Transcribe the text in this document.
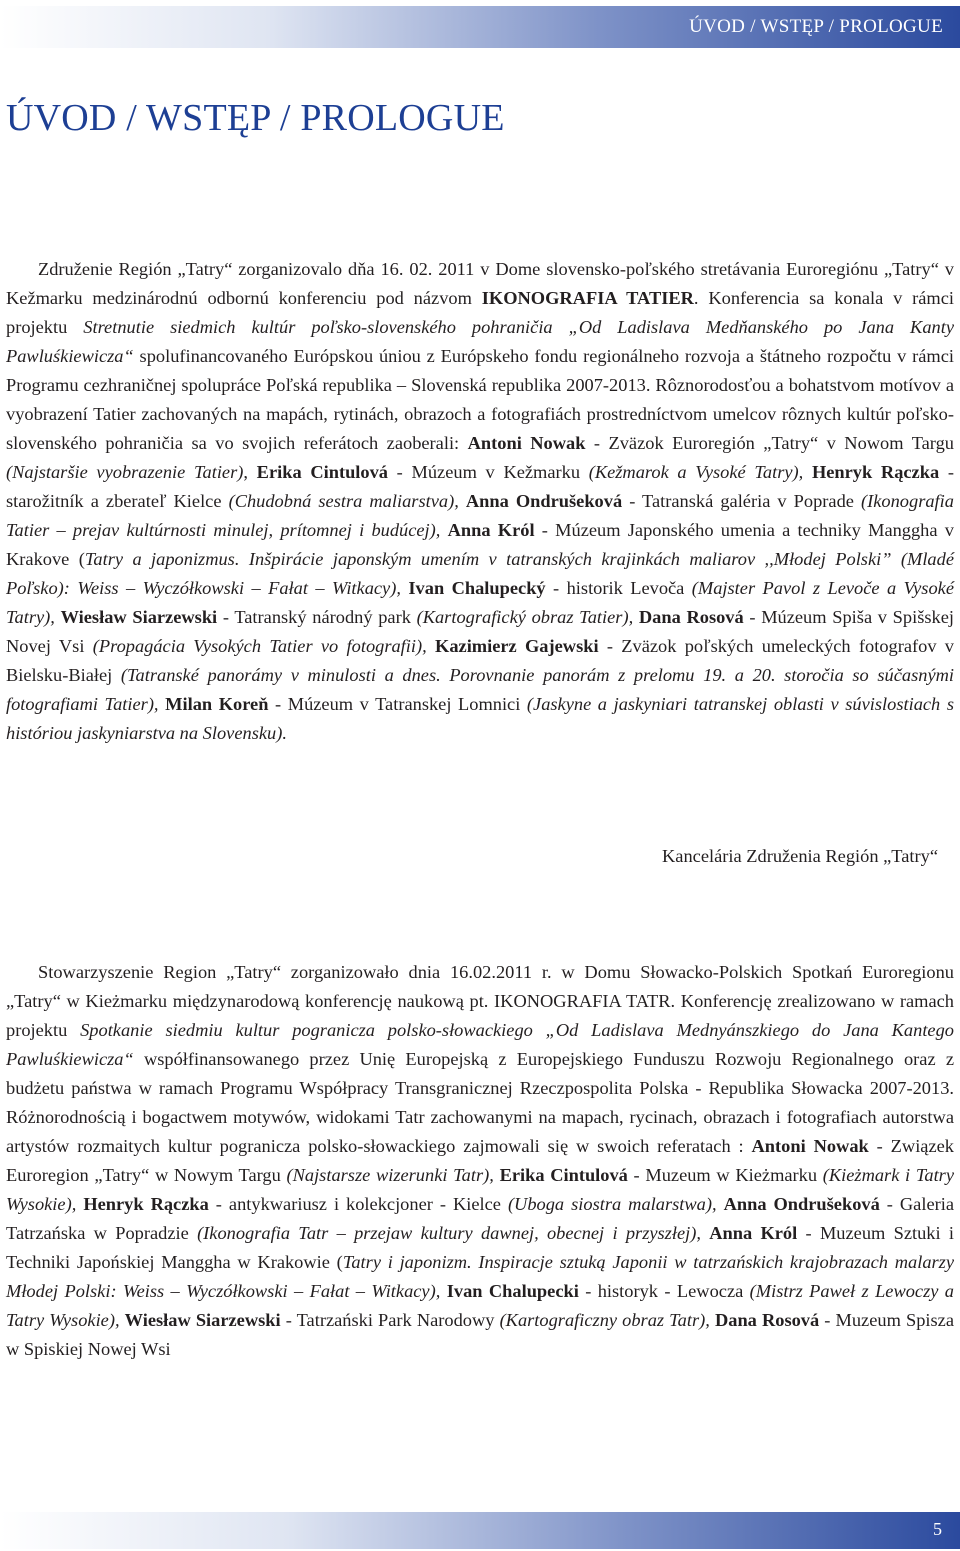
ÚVOD / WSTĘP / PROLOGUE
ÚVOD / WSTĘP / PROLOGUE

Združenie Región „Tatry“ zorganizovalo dňa 16. 02. 2011 v Dome slovensko-poľského stretávania Euroregiónu „Tatry“ v Kežmarku medzinárodnú odbornú konferenciu pod názvom IKONOGRAFIA TATIER. Konferencia sa konala v rámci projektu Stretnutie siedmich kultúr poľsko-slovenského pohraničia „Od Ladislava Medňanského po Jana Kanty Pawluśkiewicza“ spolufinancovaného Európskou úniou z Európskeho fondu regionálneho rozvoja a štátneho rozpočtu v rámci Programu cezhraničnej spolupráce Poľská republika – Slovenská republika 2007-2013. Rôznorodosťou a bohatstvom motívov a vyobrazení Tatier zachovaných na mapách, rytinách, obrazoch a fotografiách prostredníctvom umelcov rôznych kultúr poľsko-slovenského pohraničia sa vo svojich referátoch zaoberali: Antoni Nowak - Zväzok Euroregión „Tatry“ v Nowom Targu (Najstaršie vyobrazenie Tatier), Erika Cintulová - Múzeum v Kežmarku (Kežmarok a Vysoké Tatry), Henryk Rączka - starožitník a zberateľ Kielce (Chudobná sestra maliarstva), Anna Ondrušeková - Tatranská galéria v Poprade (Ikonografia Tatier – prejav kultúrnosti minulej, prítomnej i budúcej), Anna Król - Múzeum Japonského umenia a techniky Manggha v Krakove (Tatry a japonizmus. Inšpirácie japonským umením v tatranských krajinkách maliarov ,,Młodej Polski” (Mladé Poľsko): Weiss – Wyczółkowski – Fałat – Witkacy), Ivan Chalupecký - historik Levoča (Majster Pavol z Levoče a Vysoké Tatry), Wiesław Siarzewski - Tatranský národný park (Kartografický obraz Tatier), Dana Rosová - Múzeum Spiša v Spišskej Novej Vsi (Propagácia Vysokých Tatier vo fotografii), Kazimierz Gajewski - Zväzok poľských umeleckých fotografov v Bielsku-Białej (Tatranské panorámy v minulosti a dnes. Porovnanie panorám z prelomu 19. a 20. storočia so súčasnými fotografiami Tatier), Milan Koreň - Múzeum v Tatranskej Lomnici (Jaskyne a jaskyniari tatranskej oblasti v súvislostiach s históriou jaskyniarstva na Slovensku).

Kancelária Združenia Región „Tatry“

Stowarzyszenie Region „Tatry“ zorganizowało dnia 16.02.2011 r. w Domu Słowacko-Polskich Spotkań Euroregionu „Tatry“ w Kieżmarku międzynarodową konferencję naukową pt. IKONOGRAFIA TATR. Konferencję zrealizowano w ramach projektu Spotkanie siedmiu kultur pogranicza polsko-słowackiego „Od Ladislava Mednyánszkiego do Jana Kantego Pawluśkiewicza“ współfinansowanego przez Unię Europejską z Europejskiego Funduszu Rozwoju Regionalnego oraz z budżetu państwa w ramach Programu Współpracy Transgranicznej Rzeczpospolita Polska - Republika Słowacka 2007-2013. Różnorodnością i bogactwem motywów, widokami Tatr zachowanymi na mapach, rycinach, obrazach i fotografiach autorstwa artystów rozmaitych kultur pogranicza polsko-słowackiego zajmowali się w swoich referatach : Antoni Nowak - Związek Euroregion „Tatry“ w Nowym Targu (Najstarsze wizerunki Tatr), Erika Cintulová - Muzeum w Kieżmarku (Kieżmark i Tatry Wysokie), Henryk Rączka - antykwariusz i kolekcjoner - Kielce (Uboga siostra malarstwa), Anna Ondrušeková - Galeria Tatrzańska w Popradzie (Ikonografia Tatr – przejaw kultury dawnej, obecnej i przyszłej), Anna Król - Muzeum Sztuki i Techniki Japońskiej Manggha w Krakowie (Tatry i japonizm. Inspiracje sztuką Japonii w tatrzańskich krajobrazach malarzy Młodej Polski: Weiss – Wyczółkowski – Fałat – Witkacy), Ivan Chalupecki - historyk - Lewocza (Mistrz Paweł z Lewoczy a Tatry Wysokie), Wiesław Siarzewski - Tatrzański Park Narodowy (Kartograficzny obraz Tatr), Dana Rosová - Muzeum Spisza w Spiskiej Nowej Wsi

5
